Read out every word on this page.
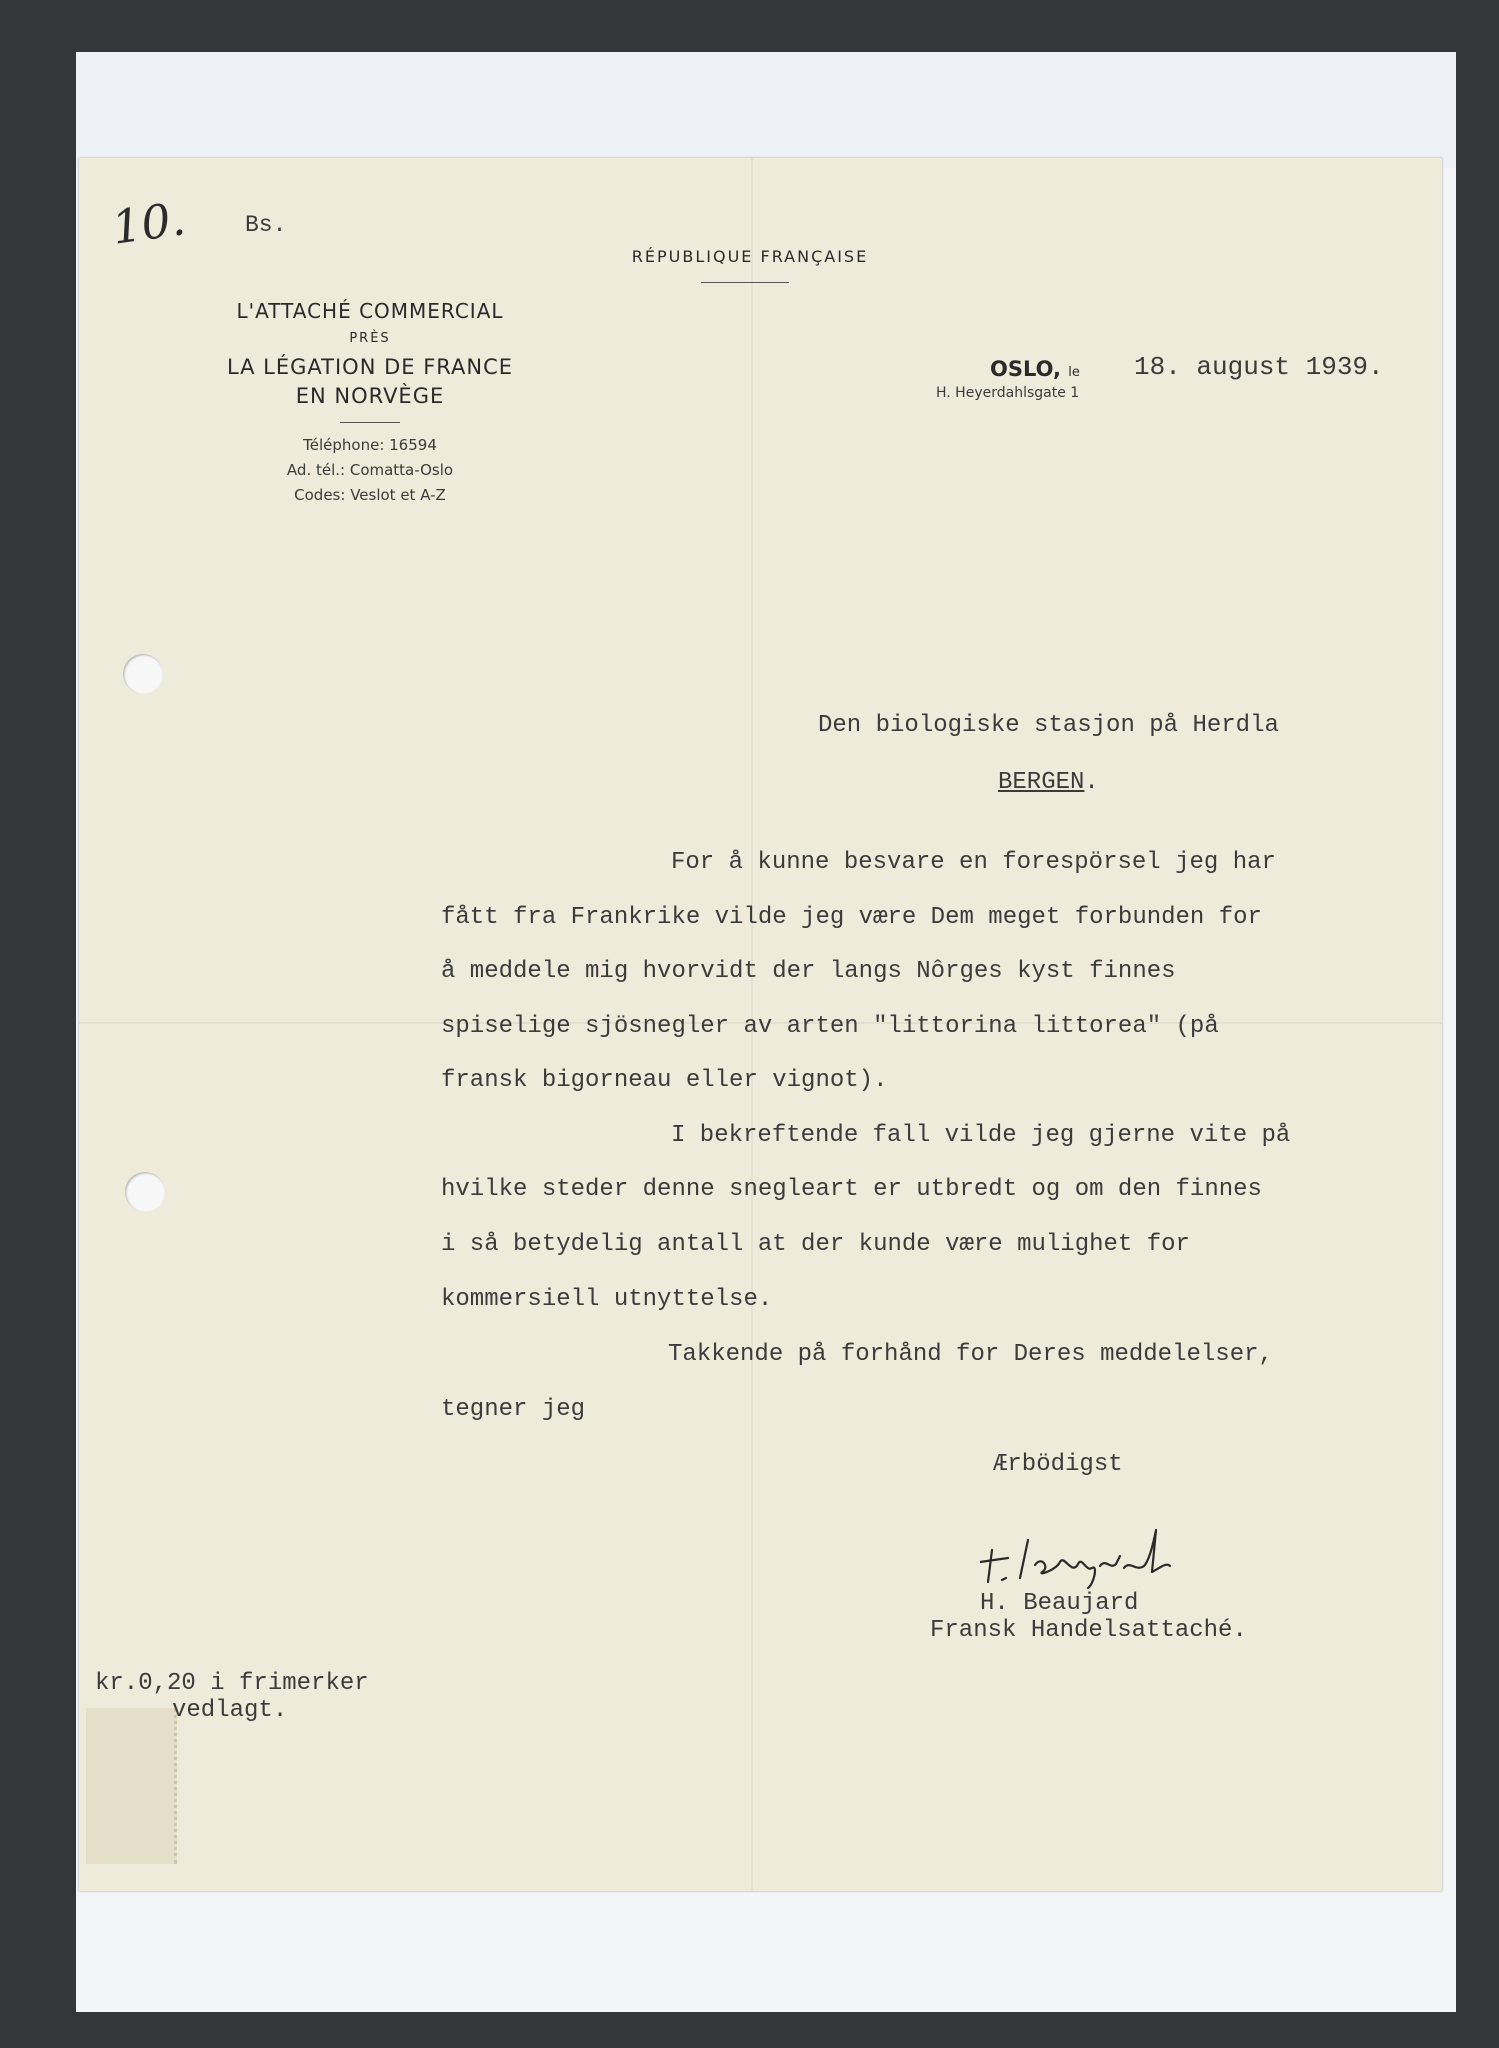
10. Bs.
RÉPUBLIQUE FRANÇAISE
L'ATTACHÉ COMMERCIAL
PRÈS
LA LÉGATION DE FRANCE
EN NORVÈGE
Téléphone: 16594
Ad. tél.: Comatta-Oslo
Codes: Veslot et A-Z
OSLO, le
H. Heyerdahlsgate 1
18. august 1939.
Den biologiske stasjon på Herdla
BERGEN.
For å kunne besvare en forespörsel jeg har
fått fra Frankrike vilde jeg være Dem meget forbunden for
å meddele mig hvorvidt der langs Nôrges kyst finnes
spiselige sjösnegler av arten "littorina littorea" (på
fransk bigorneau eller vignot).
I bekreftende fall vilde jeg gjerne vite på
hvilke steder denne snegleart er utbredt og om den finnes
i så betydelig antall at der kunde være mulighet for
kommersiell utnyttelse.
Takkende på forhånd for Deres meddelelser,
tegner jeg
Ærbödigst
H. Beaujard
H. Beaujard
Fransk Handelsattaché.
kr.0,20 i frimerker
vedlagt.
